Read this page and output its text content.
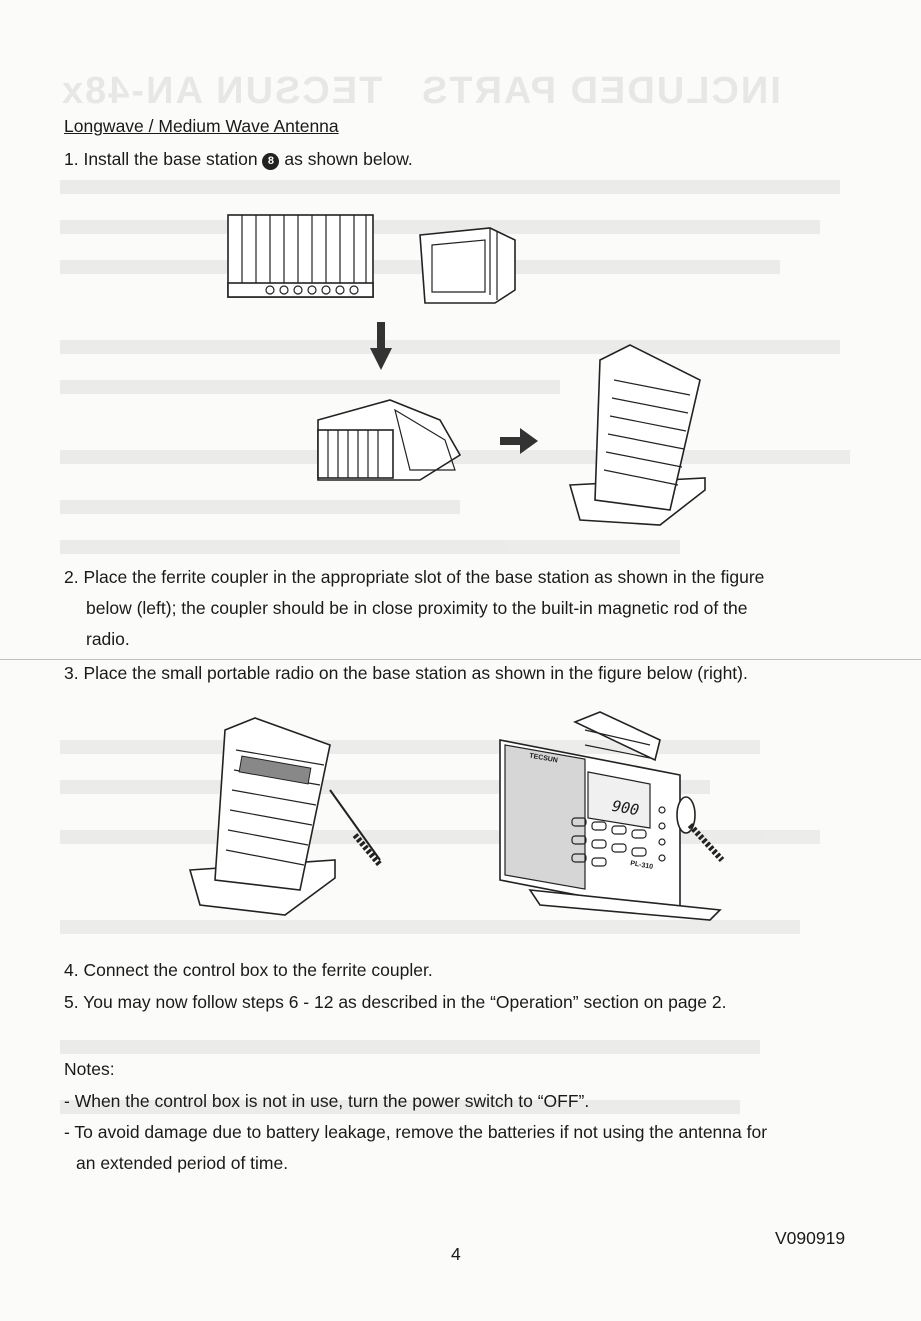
INCLUDED PARTS   TECSUN AN-48x
Longwave / Medium Wave Antenna
1. Install the base station 8 as shown below.
2. Place the ferrite coupler in the appropriate slot of the base station as shown in the figure
below (left); the coupler should be in close proximity to the built-in magnetic rod of the
radio.
3. Place the small portable radio on the base station as shown in the figure below (right).
TECSUN
900
PL-310
4. Connect the control box to the ferrite coupler.
5. You may now follow steps 6 - 12 as described in the “Operation” section on page 2.
Notes:
- When the control box is not in use, turn the power switch to “OFF”.
- To avoid damage due to battery leakage, remove the batteries if not using the antenna for
an extended period of time.
4
V090919
